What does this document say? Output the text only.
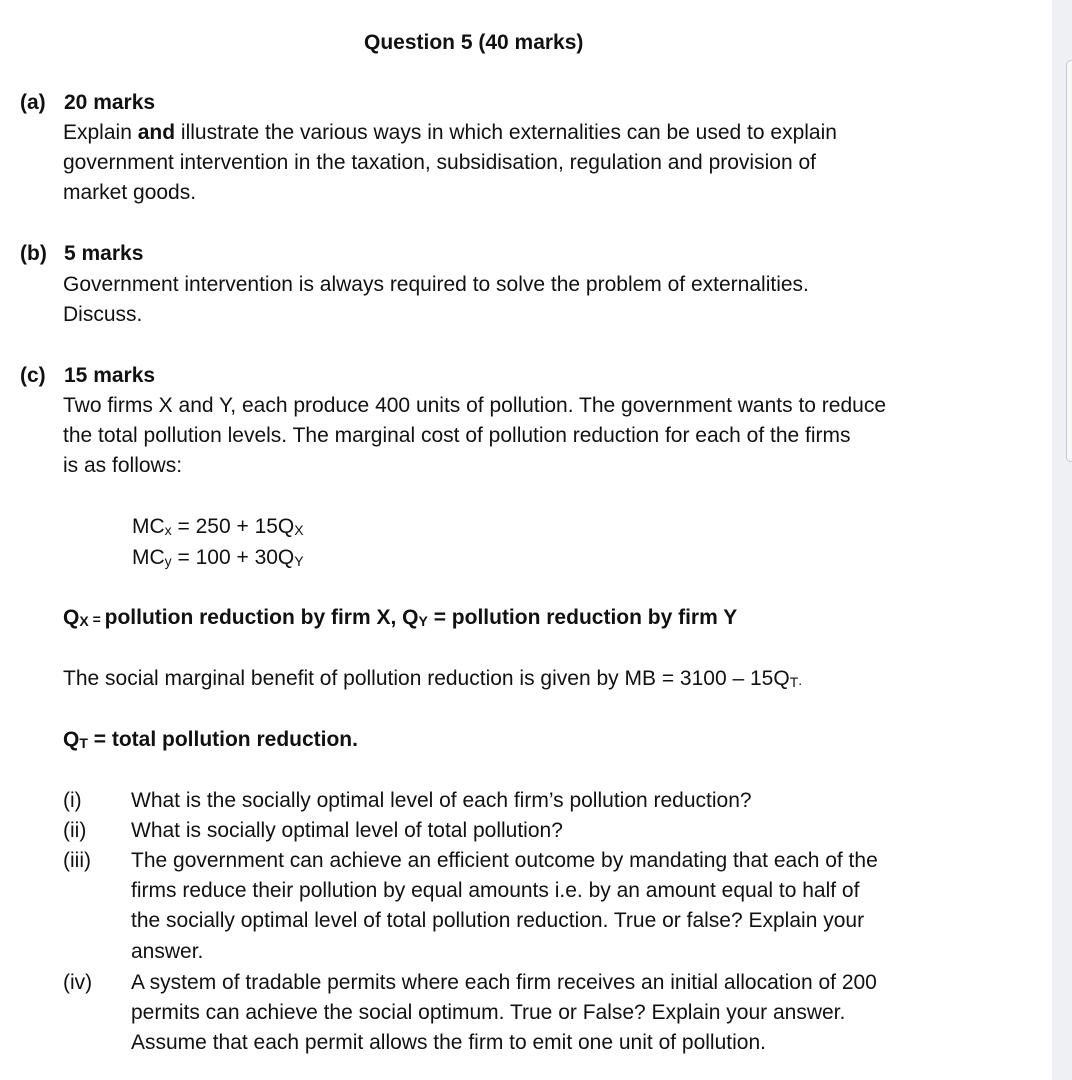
Question 5 (40 marks)
(a) 20 marks
Explain and illustrate the various ways in which externalities can be used to explain
government intervention in the taxation, subsidisation, regulation and provision of
market goods.
(b) 5 marks
Government intervention is always required to solve the problem of externalities.
Discuss.
(c) 15 marks
Two firms X and Y, each produce 400 units of pollution. The government wants to reduce
the total pollution levels. The marginal cost of pollution reduction for each of the firms
is as follows:
MCx = 250 + 15QX
MCy = 100 + 30QY
QX = pollution reduction by firm X, QY = pollution reduction by firm Y
The social marginal benefit of pollution reduction is given by MB = 3100 – 15QT.
QT = total pollution reduction.
(i)	What is the socially optimal level of each firm’s pollution reduction?
(ii)	What is socially optimal level of total pollution?
(iii)	The government can achieve an efficient outcome by mandating that each of the
firms reduce their pollution by equal amounts i.e. by an amount equal to half of
the socially optimal level of total pollution reduction. True or false? Explain your
answer.
(iv)	A system of tradable permits where each firm receives an initial allocation of 200
permits can achieve the social optimum. True or False? Explain your answer.
Assume that each permit allows the firm to emit one unit of pollution.
